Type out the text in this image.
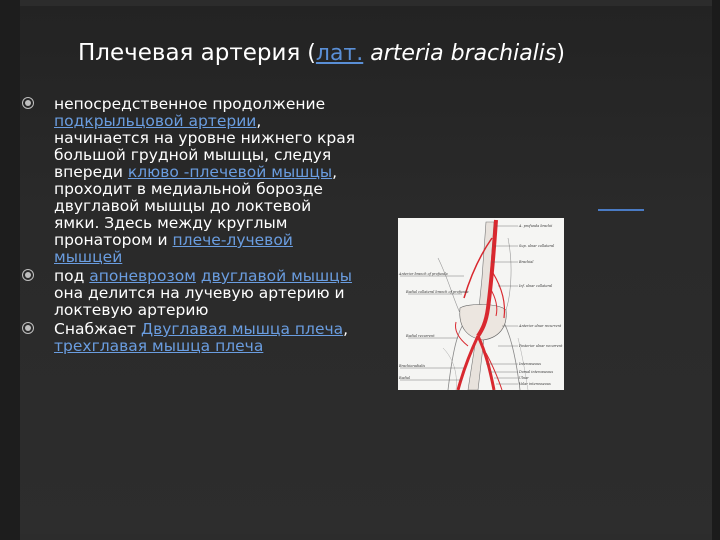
Плечевая артерия (лат. arteria brachialis)
непосредственное продолжение подкрыльцовой артерии, начинается на уровне нижнего края большой грудной мышцы, следуя впереди клюво -плечевой мышцы, проходит в медиальной борозде двуглавой мышцы до локтевой ямки. Здесь между круглым пронатором и плече-лучевой мышцей
под апоневрозом двуглавой мышцы она делится на лучевую артерию и локтевую артерию
Снабжает Двуглавая мышца плеча, трехглавая мышца плеча
A. profunda brachii
Sup. ulnar collateral
Brachial
Inf. ulnar collateral
Anterior ulnar recurrent
Posterior ulnar recurrent
Interosseous
Dorsal interosseous
Ulnar
Volar interosseous
Anterior branch of profunda
Radial collateral branch of profunda
Radial recurrent
Brachioradialis
Radial
